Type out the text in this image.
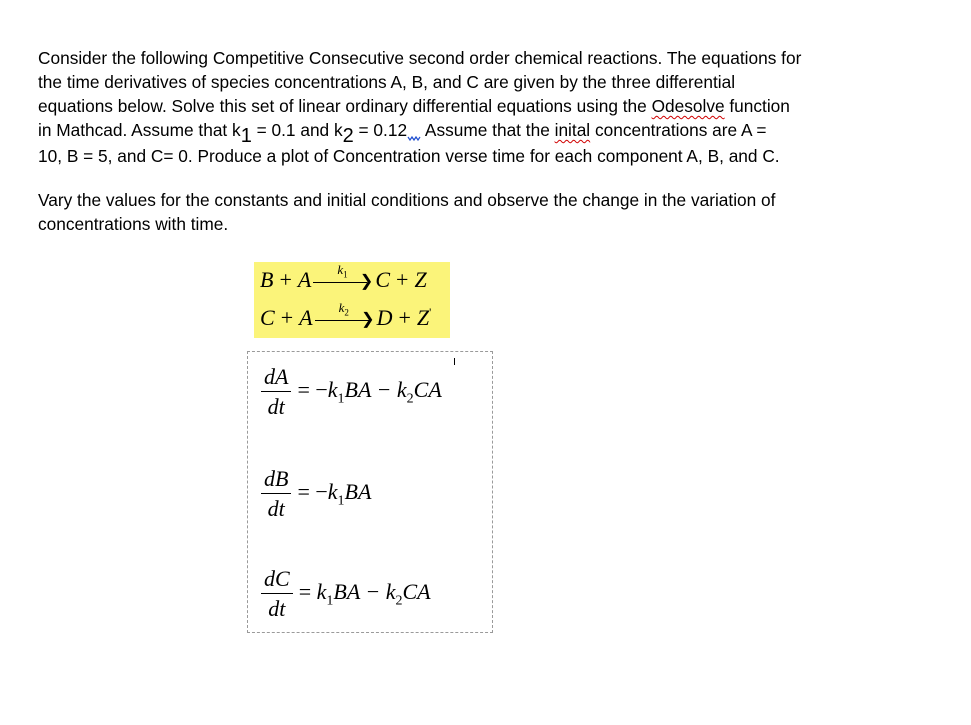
Consider the following Competitive Consecutive second order chemical reactions. The equations for
the time derivatives of species concentrations A, B, and C are given by the three differential
equations below. Solve this set of linear ordinary differential equations using the Odesolve function
in Mathcad. Assume that k1 = 0.1 and k2 = 0.12 Assume that the inital concentrations are A =
10, B = 5, and C= 0. Produce a plot of Concentration verse time for each component A, B, and C.
Vary the values for the constants and initial conditions and observe the change in the variation of
concentrations with time.
B + A $k_1$ ❯ C + Z
C + A $k_2$ ❯ D + Z'
$\frac{dA}{dt} = -k_1BA - k_2CA$
$\frac{dB}{dt} = -k_1BA$
$\frac{dC}{dt} = k_1BA - k_2CA$
